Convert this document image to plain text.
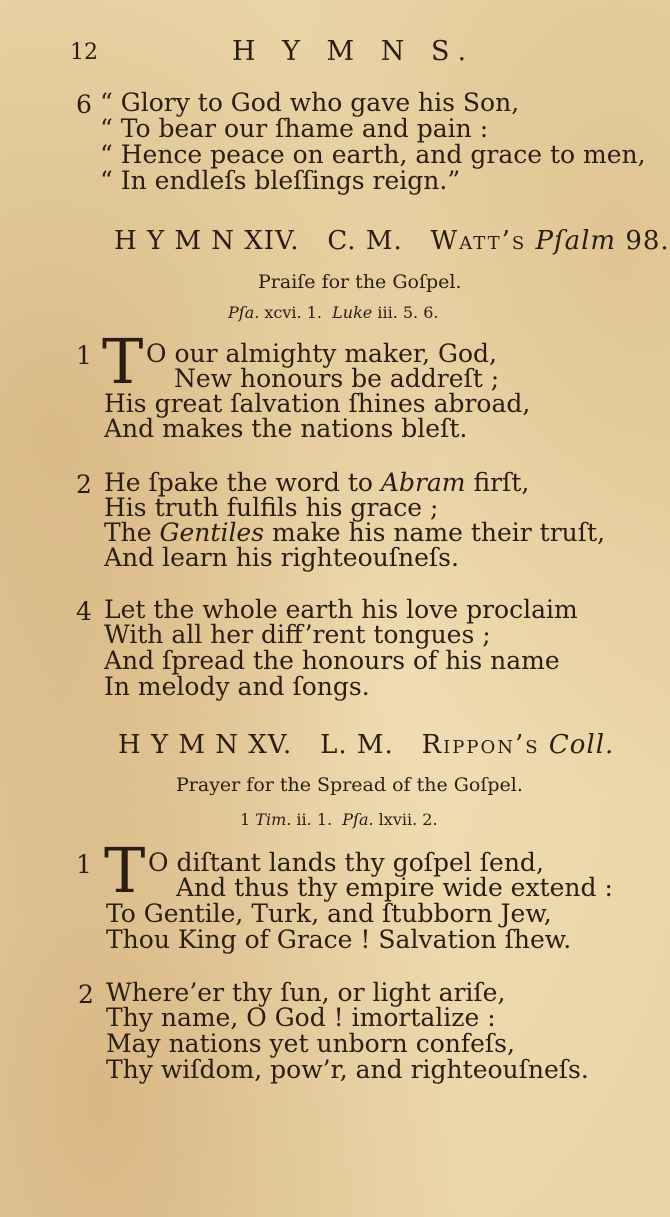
12	H Y M N S.
6 “ Glory to God who gave his Son,
“ To bear our ſhame and pain :
“ Hence peace on earth, and grace to men,
“ In endleſs bleſſings reign.”
H Y M N XIV. C. M. Watt’s Pſalm 98.
Praiſe for the Goſpel.
Pſa. xcvi. 1. Luke iii. 5. 6.
1 T O our almighty maker, God,
New honours be addreſt ;
His great ſalvation ſhines abroad,
And makes the nations bleſt.
2 He ſpake the word to Abram firſt,
His truth fulfils his grace ;
The Gentiles make his name their truſt,
And learn his righteouſneſs.
4 Let the whole earth his love proclaim
With all her diff’rent tongues ;
And ſpread the honours of his name
In melody and ſongs.
H Y M N XV. L. M. Rippon’s Coll.
Prayer for the Spread of the Goſpel.
1 Tim. ii. 1. Pſa. lxvii. 2.
1 T O diſtant lands thy goſpel ſend,
And thus thy empire wide extend :
To Gentile, Turk, and ſtubborn Jew,
Thou King of Grace ! Salvation ſhew.
2 Where’er thy ſun, or light ariſe,
Thy name, O God ! imortalize :
May nations yet unborn confeſs,
Thy wiſdom, pow’r, and righteouſneſs.
